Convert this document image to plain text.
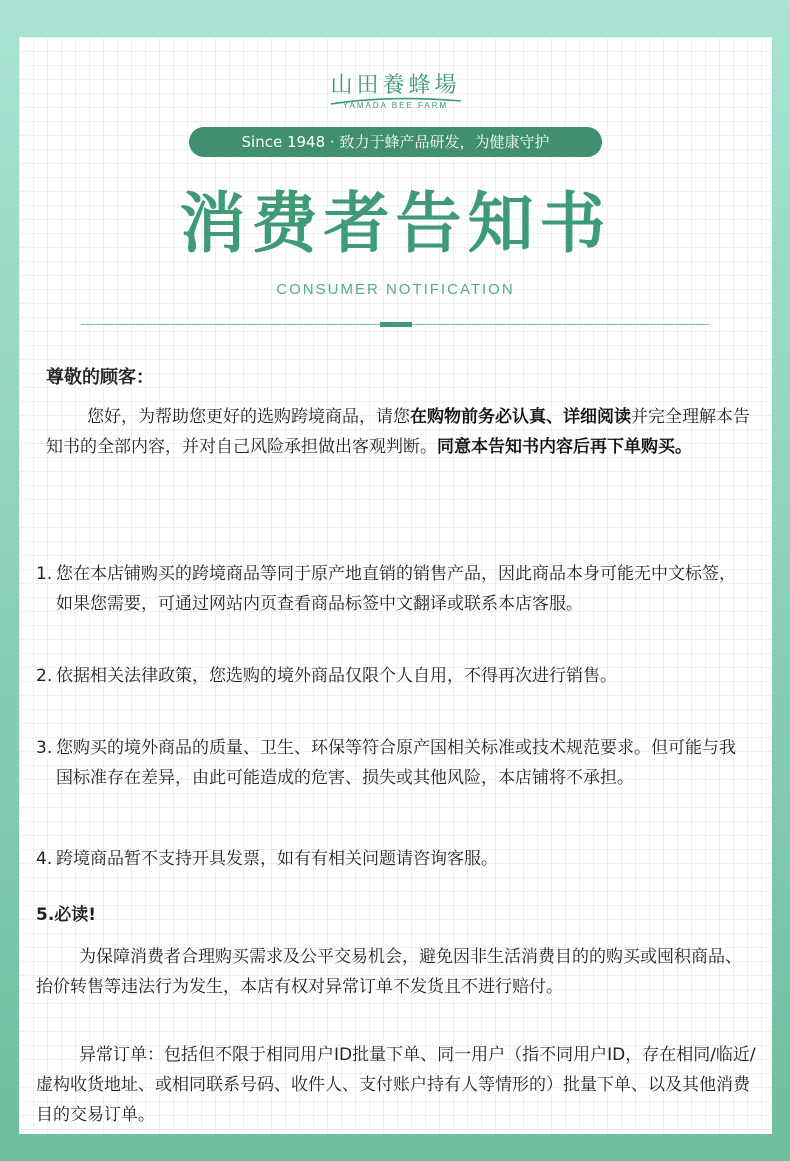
山田養蜂場
YAMADA BEE FARM
Since 1948 · 致力于蜂产品研发，为健康守护
消费者告知书
CONSUMER NOTIFICATION
尊敬的顾客：
您好，为帮助您更好的选购跨境商品，请您在购物前务必认真、详细阅读并完全理解本告知书的全部内容，并对自己风险承担做出客观判断。同意本告知书内容后再下单购买。
1. 您在本店铺购买的跨境商品等同于原产地直销的销售产品，因此商品本身可能无中文标签，如果您需要，可通过网站内页查看商品标签中文翻译或联系本店客服。
2. 依据相关法律政策，您选购的境外商品仅限个人自用，不得再次进行销售。
3. 您购买的境外商品的质量、卫生、环保等符合原产国相关标准或技术规范要求。但可能与我国标准存在差异，由此可能造成的危害、损失或其他风险，本店铺将不承担。
4. 跨境商品暂不支持开具发票，如有有相关问题请咨询客服。
5.必读!
为保障消费者合理购买需求及公平交易机会，避免因非生活消费目的的购买或囤积商品、抬价转售等违法行为发生，本店有权对异常订单不发货且不进行赔付。
异常订单：包括但不限于相同用户ID批量下单、同一用户（指不同用户ID，存在相同/临近/虚构收货地址、或相同联系号码、收件人、支付账户持有人等情形的）批量下单、以及其他消费目的交易订单。
